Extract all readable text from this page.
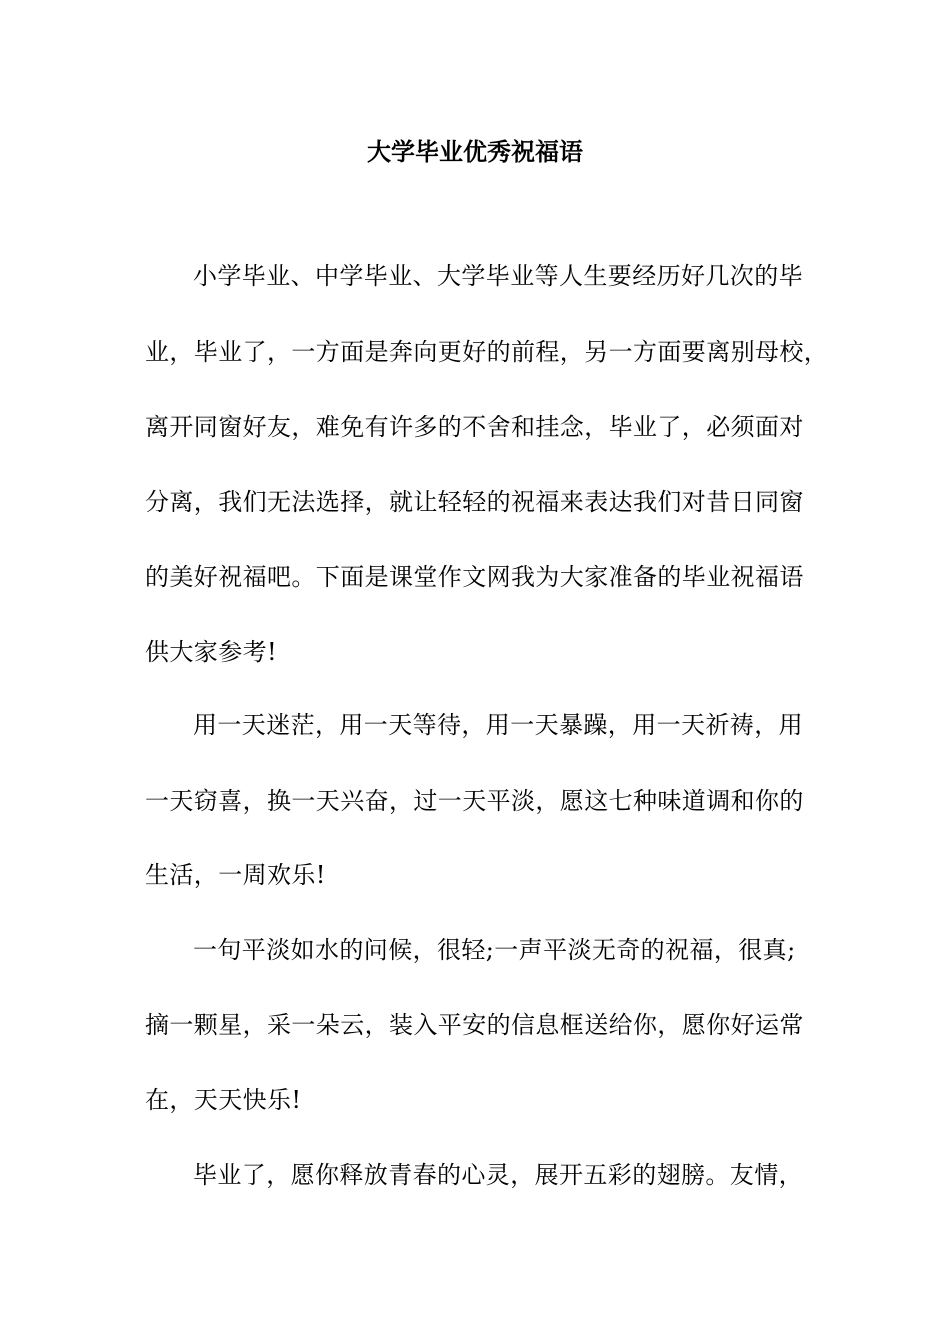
大学毕业优秀祝福语
小学毕业、中学毕业、大学毕业等人生要经历好几次的毕
业，毕业了，一方面是奔向更好的前程，另一方面要离别母校，
离开同窗好友，难免有许多的不舍和挂念，毕业了，必须面对
分离，我们无法选择，就让轻轻的祝福来表达我们对昔日同窗
的美好祝福吧。下面是课堂作文网我为大家准备的毕业祝福语
供大家参考!
用一天迷茫，用一天等待，用一天暴躁，用一天祈祷，用
一天窃喜，换一天兴奋，过一天平淡，愿这七种味道调和你的
生活，一周欢乐!
一句平淡如水的问候，很轻;一声平淡无奇的祝福，很真;
摘一颗星，采一朵云，装入平安的信息框送给你，愿你好运常
在，天天快乐!
毕业了，愿你释放青春的心灵，展开五彩的翅膀。友情，
